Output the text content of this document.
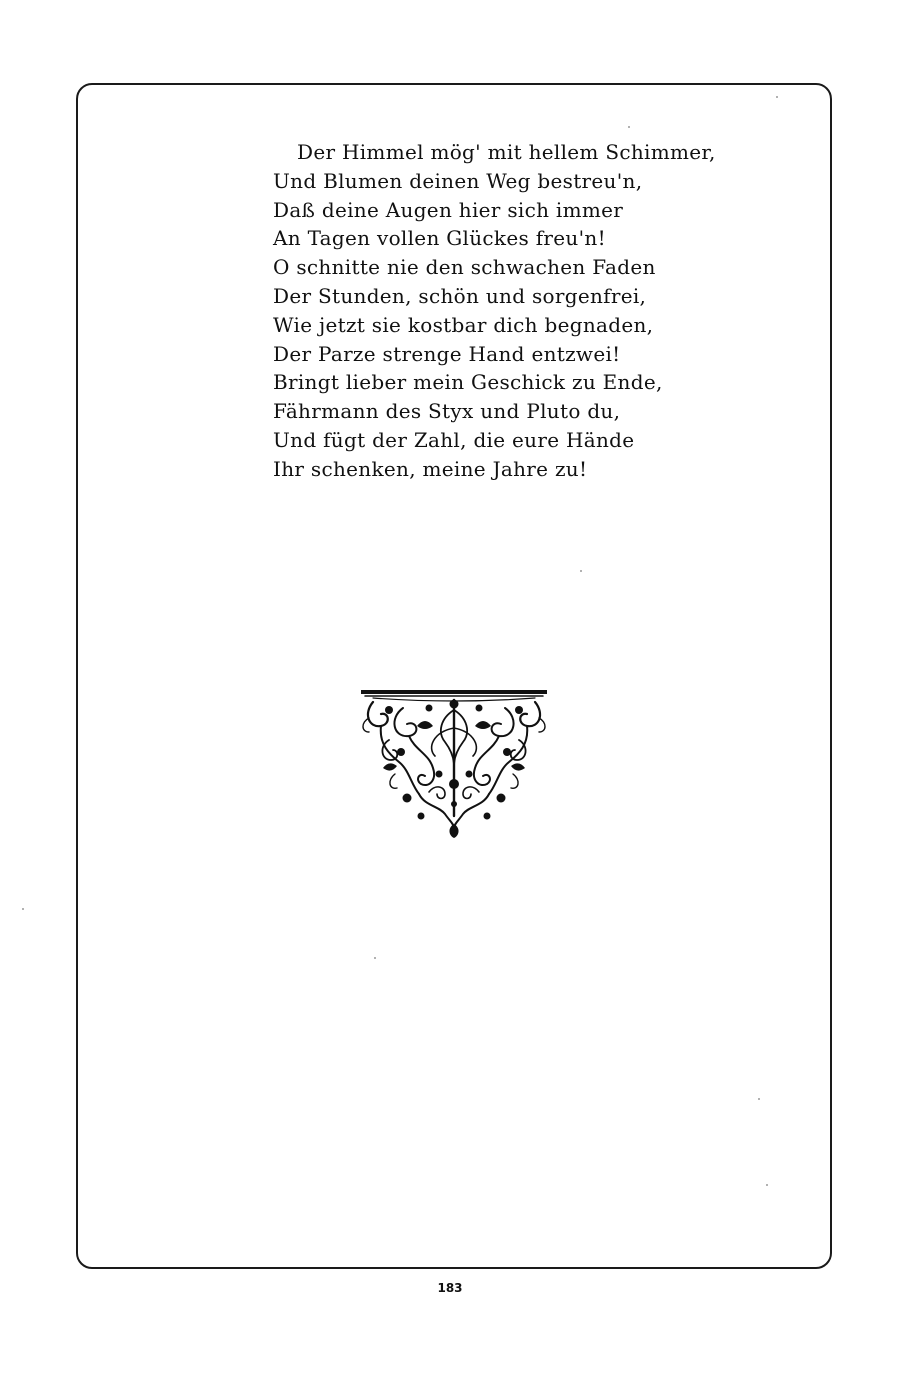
Der Himmel mög' mit hellem Schimmer,
Und Blumen deinen Weg bestreu'n,
Daß deine Augen hier sich immer
An Tagen vollen Glückes freu'n!
O schnitte nie den schwachen Faden
Der Stunden, schön und sorgenfrei,
Wie jetzt sie kostbar dich begnaden,
Der Parze strenge Hand entzwei!
Bringt lieber mein Geschick zu Ende,
Fährmann des Styx und Pluto du,
Und fügt der Zahl, die eure Hände
Ihr schenken, meine Jahre zu!
183
